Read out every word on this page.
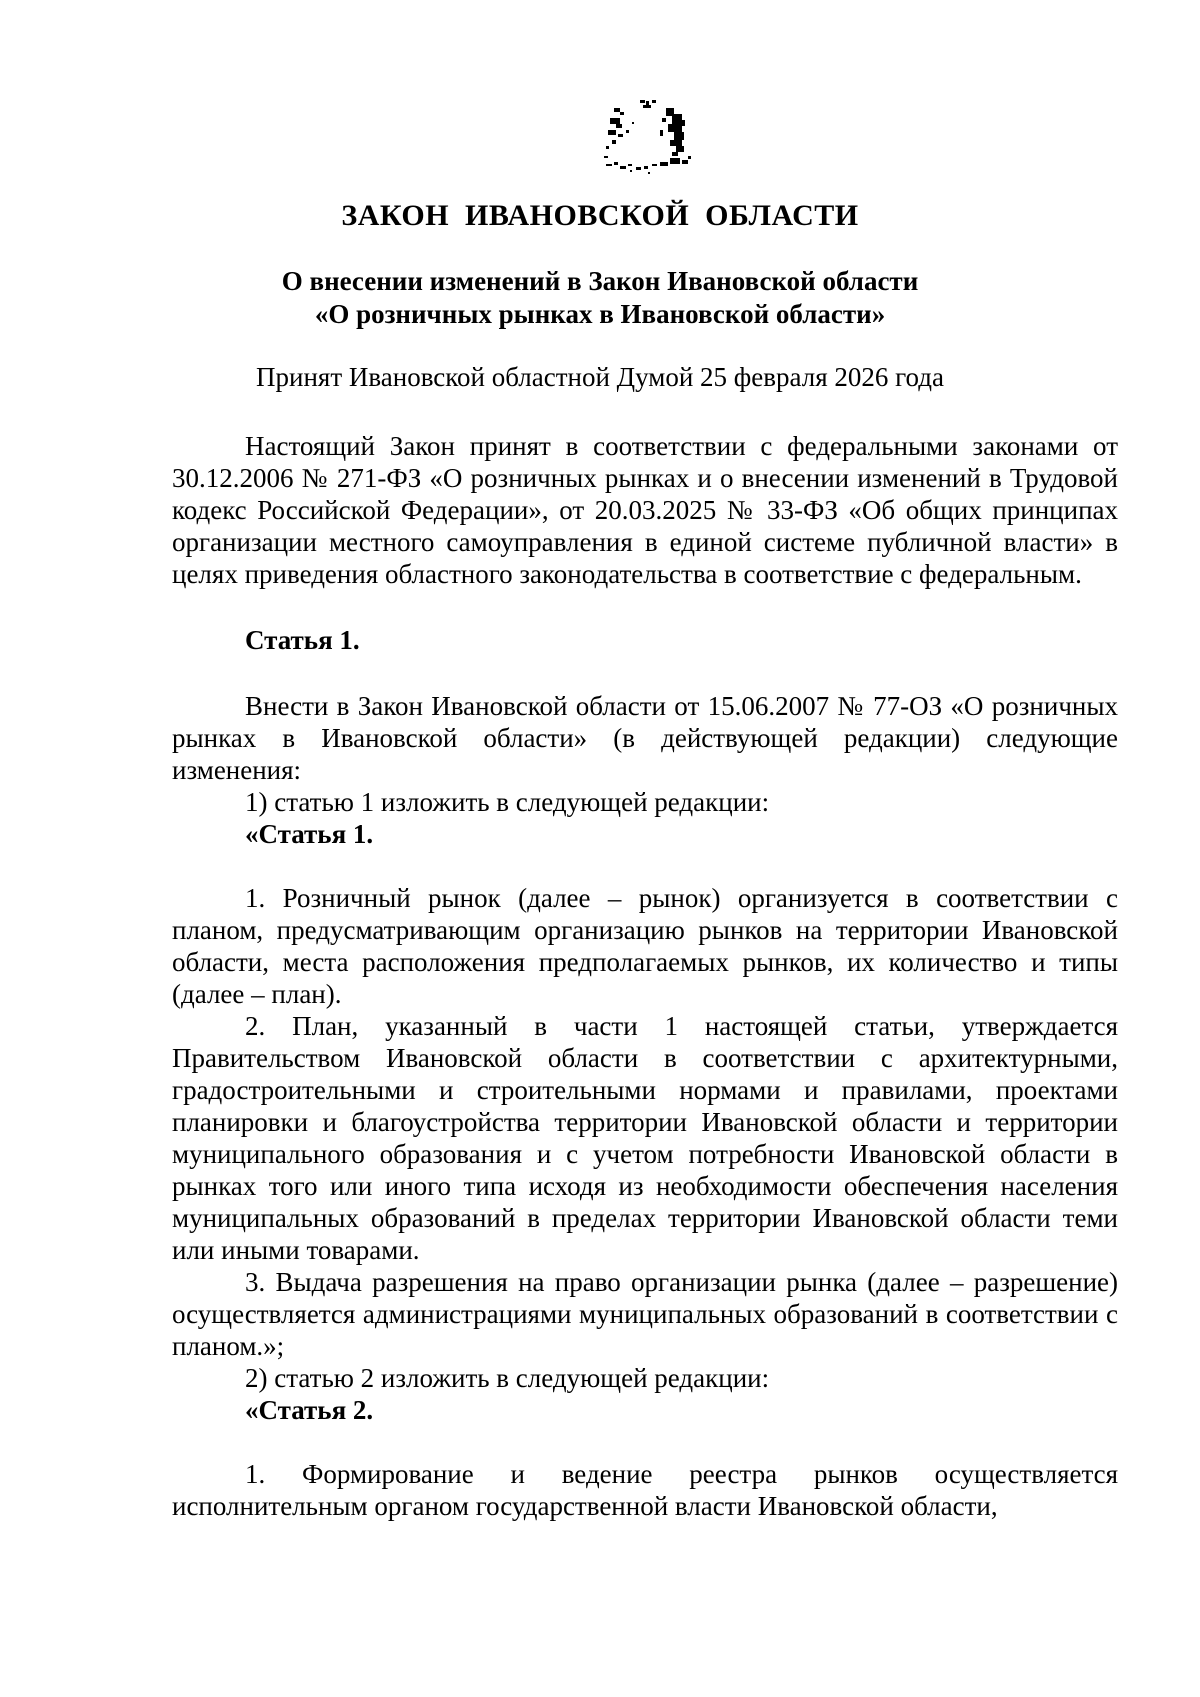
ЗАКОН ИВАНОВСКОЙ ОБЛАСТИ
О внесении изменений в Закон Ивановской области
«О розничных рынках в Ивановской области»
Принят Ивановской областной Думой 25 февраля 2026 года

Настоящий Закон принят в соответствии с федеральными законами от 30.12.2006 № 271-ФЗ «О розничных рынках и о внесении изменений в Трудовой кодекс Российской Федерации», от 20.03.2025 № 33-ФЗ «Об общих принципах организации местного самоуправления в единой системе публичной власти» в целях приведения областного законодательства в соответствие с федеральным.

Статья 1.

Внести в Закон Ивановской области от 15.06.2007 № 77-ОЗ «О розничных рынках в Ивановской области» (в действующей редакции) следующие изменения:

1) статью 1 изложить в следующей редакции:

«Статья 1.

1. Розничный рынок (далее – рынок) организуется в соответствии с планом, предусматривающим организацию рынков на территории Ивановской области, места расположения предполагаемых рынков, их количество и типы (далее – план).

2. План, указанный в части 1 настоящей статьи, утверждается Правительством Ивановской области в соответствии с архитектурными, градостроительными и строительными нормами и правилами, проектами планировки и благоустройства территории Ивановской области и территории муниципального образования и с учетом потребности Ивановской области в рынках того или иного типа исходя из необходимости обеспечения населения муниципальных образований в пределах территории Ивановской области теми или иными товарами.

3. Выдача разрешения на право организации рынка (далее – разрешение) осуществляется администрациями муниципальных образований в соответствии с планом.»;

2) статью 2 изложить в следующей редакции:

«Статья 2.

1. Формирование и ведение реестра рынков осуществляется исполнительным органом государственной власти Ивановской области,
